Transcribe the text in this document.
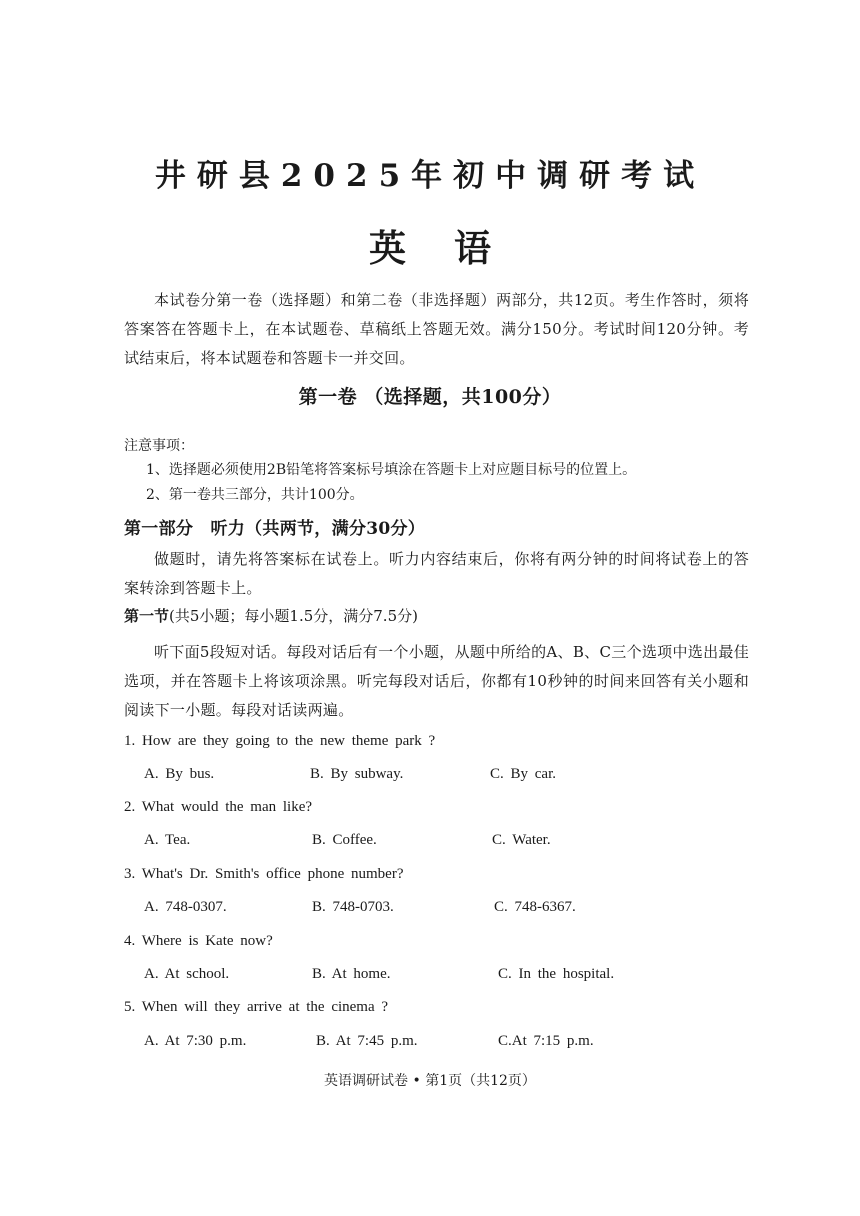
井研县2025年初中调研考试
英语
本试卷分第一卷（选择题）和第二卷（非选择题）两部分，共12页。考生作答时，须将答案答在答题卡上，在本试题卷、草稿纸上答题无效。满分150分。考试时间120分钟。考试结束后，将本试题卷和答题卡一并交回。
第一卷 （选择题，共100分）
注意事项：
1、选择题必须使用2B铅笔将答案标号填涂在答题卡上对应题目标号的位置上。
2、第一卷共三部分，共计100分。
第一部分　听力（共两节，满分30分）
做题时，请先将答案标在试卷上。听力内容结束后，你将有两分钟的时间将试卷上的答案转涂到答题卡上。
第一节(共5小题；每小题1.5分，满分7.5分)
听下面5段短对话。每段对话后有一个小题，从题中所给的A、B、C三个选项中选出最佳选项，并在答题卡上将该项涂黑。听完每段对话后，你都有10秒钟的时间来回答有关小题和阅读下一小题。每段对话读两遍。
1. How are they going to the new theme park ?
A. By bus.	B. By subway.	C. By car.
2. What would the man like?
A. Tea.	B. Coffee.	C. Water.
3. What's Dr. Smith's office phone number?
A. 748-0307.	B. 748-0703.	C. 748-6367.
4. Where is Kate now?
A. At school.	B. At home.	C. In the hospital.
5. When will they arrive at the cinema ?
A. At 7:30 p.m.	B. At 7:45 p.m.	C.At 7:15 p.m.
英语调研试卷 • 第1页（共12页）
